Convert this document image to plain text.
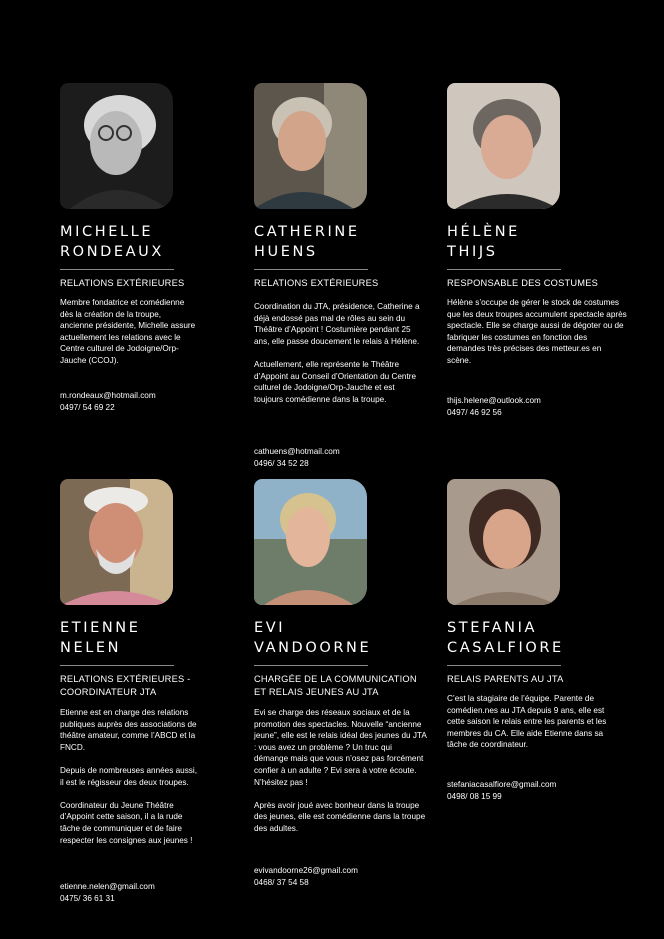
MICHELLE
RONDEAUX
RELATIONS EXTÉRIEURES

Membre fondatrice et comédienne dès la création de la troupe, ancienne présidente, Michelle assure actuellement les relations avec le Centre culturel de Jodoigne/Orp-Jauche (CCOJ).

m.rondeaux@hotmail.com
0497/ 54 69 22
CATHERINE
HUENS
RELATIONS EXTÉRIEURES

Coordination du JTA, présidence, Catherine a déjà endossé pas mal de rôles au sein du Théâtre d’Appoint ! Costumière pendant 25 ans, elle passe doucement le relais à Hélène.

Actuellement, elle représente le Théâtre d’Appoint au Conseil d’Orientation du Centre culturel de Jodoigne/Orp-Jauche et est toujours comédienne dans la troupe.

cathuens@hotmail.com
0496/ 34 52 28
HÉLÈNE
THIJS
RESPONSABLE DES COSTUMES

Hélène s’occupe de gérer le stock de costumes que les deux troupes accumulent spectacle après spectacle. Elle se charge aussi de dégoter ou de fabriquer les costumes en fonction des demandes très précises des metteur.es en scène.

thijs.helene@outlook.com
0497/ 46 92 56
ETIENNE
NELEN
RELATIONS EXTÉRIEURES -
COORDINATEUR JTA

Etienne est en charge des relations publiques auprès des associations de théâtre amateur, comme l’ABCD et la FNCD.

Depuis de nombreuses années aussi, il est le régisseur des deux troupes.

Coordinateur du Jeune Théâtre d’Appoint cette saison, il a la rude tâche de communiquer et de faire respecter les consignes aux jeunes !

etienne.nelen@gmail.com
0475/ 36 61 31
EVI
VANDOORNE
CHARGÉE DE LA COMMUNICATION
ET RELAIS JEUNES AU JTA

Evi se charge des réseaux sociaux et de la promotion des spectacles. Nouvelle “ancienne jeune”, elle est le relais idéal des jeunes du JTA : vous avez un problème ? Un truc qui démange mais que vous n’osez pas forcément confier à un adulte ? Evi sera à votre écoute. N’hésitez pas !

Après avoir joué avec bonheur dans la troupe des jeunes, elle est comédienne dans la troupe des adultes.

evivandoorne26@gmail.com
0468/ 37 54 58
STEFANIA
CASALFIORE
RELAIS PARENTS AU JTA

C’est la stagiaire de l’équipe. Parente de comédien.nes au JTA depuis 9 ans, elle est cette saison le relais entre les parents et les membres du CA. Elle aide Etienne dans sa tâche de coordinateur.

stefaniacasalfiore@gmail.com
0498/ 08 15 99
